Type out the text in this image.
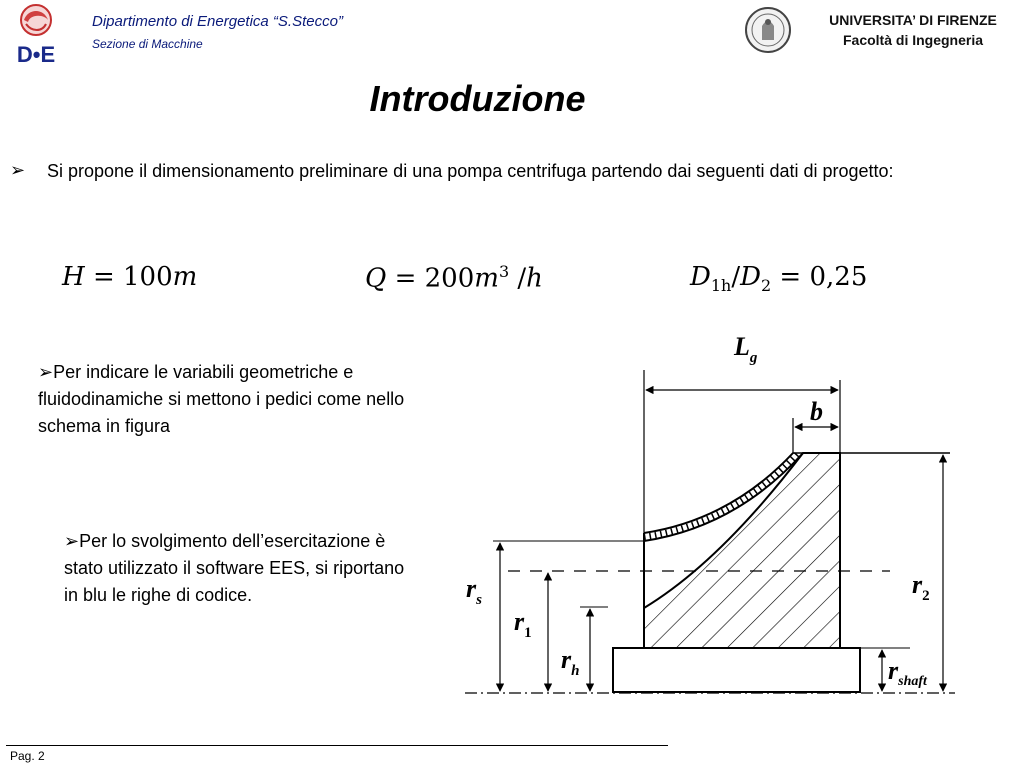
D•E
Dipartimento di Energetica “S.Stecco”
Sezione di Macchine
UNIVERSITA’ DI FIRENZE
Facoltà di Ingegneria
Introduzione
➢ Si propone il dimensionamento preliminare di una pompa centrifuga partendo dai seguenti dati di progetto:
H = 100m	$Q = 200m^3$ /h	$D_{1h}/D_2 = 0,25$
➢Per indicare le variabili geometriche e fluidodinamiche si mettono i pedici come nello schema in figura
➢Per lo svolgimento dell’esercitazione è stato utilizzato il software EES, si riportano in blu le righe di codice.
$L_g$
b
$r_s$
$r_1$
$r_h$
$r_2$
$r_{shaft}$
Pag. 2
